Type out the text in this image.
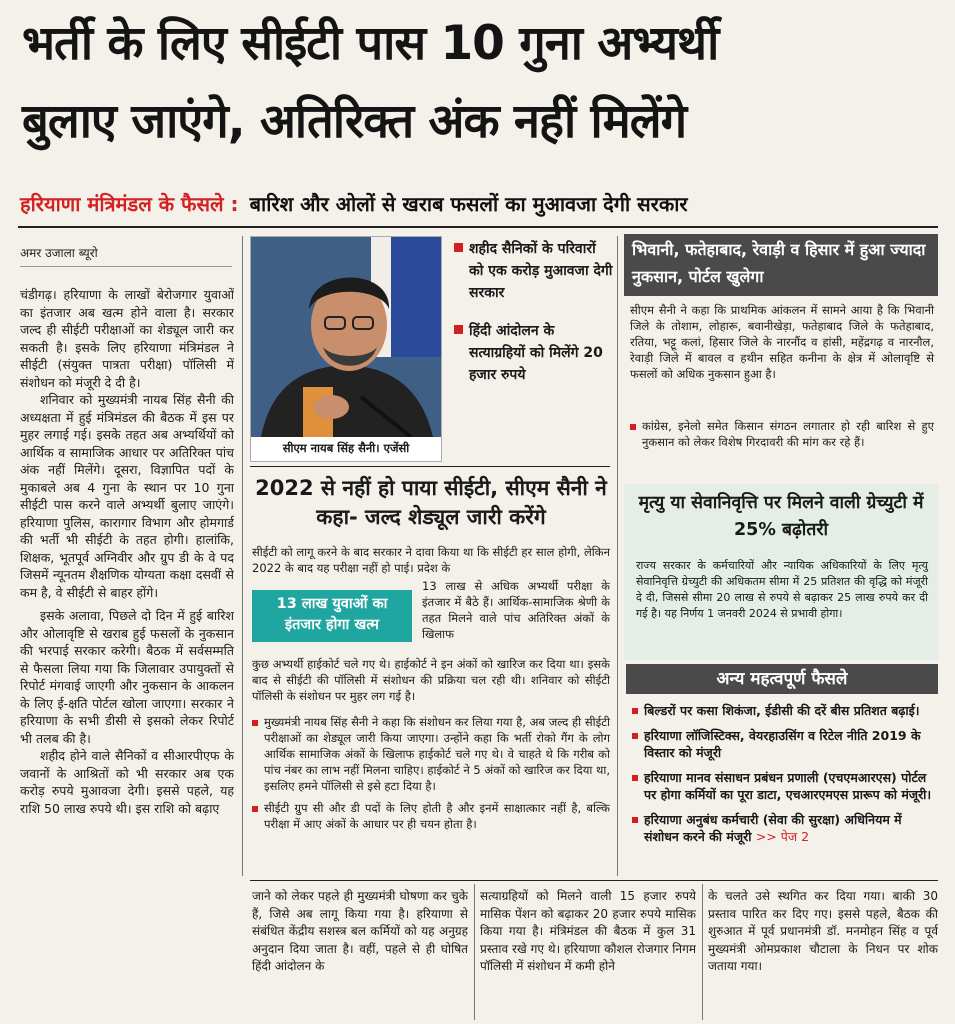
भर्ती के लिए सीईटी पास 10 गुना अभ्यर्थी
बुलाए जाएंगे, अतिरिक्त अंक नहीं मिलेंगे
हरियाणा मंत्रिमंडल के फैसले : बारिश और ओलों से खराब फसलों का मुआवजा देगी सरकार
अमर उजाला ब्यूरो

चंडीगढ़। हरियाणा के लाखों बेरोजगार युवाओं का इंतजार अब खत्म होने वाला है। सरकार जल्द ही सीईटी परीक्षाओं का शेड्यूल जारी कर सकती है। इसके लिए हरियाणा मंत्रिमंडल ने सीईटी (संयुक्त पात्रता परीक्षा) पॉलिसी में संशोधन को मंजूरी दे दी है।

शनिवार को मुख्यमंत्री नायब सिंह सैनी की अध्यक्षता में हुई मंत्रिमंडल की बैठक में इस पर मुहर लगाई गई। इसके तहत अब अभ्यर्थियों को आर्थिक व सामाजिक आधार पर अतिरिक्त पांच अंक नहीं मिलेंगे। दूसरा, विज्ञापित पदों के मुकाबले अब 4 गुना के स्थान पर 10 गुना सीईटी पास करने वाले अभ्यर्थी बुलाए जाएंगे। हरियाणा पुलिस, कारागार विभाग और होमगार्ड की भर्ती भी सीईटी के तहत होगी। हालांकि, शिक्षक, भूतपूर्व अग्निवीर और ग्रुप डी के वे पद जिसमें न्यूनतम शैक्षणिक योग्यता कक्षा दसवीं से कम है, वे सीईटी से बाहर होंगे।

इसके अलावा, पिछले दो दिन में हुई बारिश और ओलावृष्टि से खराब हुई फसलों के नुकसान की भरपाई सरकार करेगी। बैठक में सर्वसम्मति से फैसला लिया गया कि जिलावार उपायुक्तों से रिपोर्ट मंगवाई जाएगी और नुकसान के आकलन के लिए ई-क्षति पोर्टल खोला जाएगा। सरकार ने हरियाणा के सभी डीसी से इसको लेकर रिपोर्ट भी तलब की है।

शहीद होने वाले सैनिकों व सीआरपीएफ के जवानों के आश्रितों को भी सरकार अब एक करोड़ रुपये मुआवजा देगी। इससे पहले, यह राशि 50 लाख रुपये थी। इस राशि को बढ़ाए

सीएम नायब सिंह सैनी। एजेंसी
शहीद सैनिकों के परिवारों को एक करोड़ मुआवजा देगी सरकार
हिंदी आंदोलन के सत्याग्रहियों को मिलेंगे 20 हजार रुपये
2022 से नहीं हो पाया सीईटी, सीएम सैनी ने कहा- जल्द शेड्यूल जारी करेंगे
सीईटी को लागू करने के बाद सरकार ने दावा किया था कि सीईटी हर साल होगी, लेकिन 2022 के बाद यह परीक्षा नहीं हो पाई। प्रदेश के
13 लाख युवाओं का इंतजार होगा खत्म
13 लाख से अधिक अभ्यर्थी परीक्षा के इंतजार में बैठे हैं। आर्थिक-सामाजिक श्रेणी के तहत मिलने वाले पांच अतिरिक्त अंकों के खिलाफ
कुछ अभ्यर्थी हाईकोर्ट चले गए थे। हाईकोर्ट ने इन अंकों को खारिज कर दिया था। इसके बाद से सीईटी की पॉलिसी में संशोधन की प्रक्रिया चल रही थी। शनिवार को सीईटी पॉलिसी के संशोधन पर मुहर लग गई है।
मुख्यमंत्री नायब सिंह सैनी ने कहा कि संशोधन कर लिया गया है, अब जल्द ही सीईटी परीक्षाओं का शेड्यूल जारी किया जाएगा। उन्होंने कहा कि भर्ती रोको गैंग के लोग आर्थिक सामाजिक अंकों के खिलाफ हाईकोर्ट चले गए थे। वे चाहते थे कि गरीब को पांच नंबर का लाभ नहीं मिलना चाहिए। हाईकोर्ट ने 5 अंकों को खारिज कर दिया था, इसलिए हमने पॉलिसी से इसे हटा दिया है।
सीईटी ग्रुप सी और डी पदों के लिए होती है और इनमें साक्षात्कार नहीं है, बल्कि परीक्षा में आए अंकों के आधार पर ही चयन होता है।
भिवानी, फतेहाबाद, रेवाड़ी व हिसार में हुआ ज्यादा नुकसान, पोर्टल खुलेगा
सीएम सैनी ने कहा कि प्राथमिक आंकलन में सामने आया है कि भिवानी जिले के तोशाम, लोहारू, बवानीखेड़ा, फतेहाबाद जिले के फतेहाबाद, रतिया, भट्टू कलां, हिसार जिले के नारनौंद व हांसी, महेंद्रगढ़ व नारनौल, रेवाड़ी जिले में बावल व हथीन सहित कनीना के क्षेत्र में ओलावृष्टि से फसलों को अधिक नुकसान हुआ है।
कांग्रेस, इनेलो समेत किसान संगठन लगातार हो रही बारिश से हुए नुकसान को लेकर विशेष गिरदावरी की मांग कर रहे हैं।
मृत्यु या सेवानिवृत्ति पर मिलने वाली ग्रेच्युटी में 25% बढ़ोतरी
राज्य सरकार के कर्मचारियों और न्यायिक अधिकारियों के लिए मृत्यु सेवानिवृत्ति ग्रेच्युटी की अधिकतम सीमा में 25 प्रतिशत की वृद्धि को मंजूरी दे दी, जिससे सीमा 20 लाख से रुपये से बढ़ाकर 25 लाख रुपये कर दी गई है। यह निर्णय 1 जनवरी 2024 से प्रभावी होगा।
अन्य महत्वपूर्ण फैसले
बिल्डरों पर कसा शिकंजा, ईडीसी की दरें बीस प्रतिशत बढ़ाई।
हरियाणा लॉजिस्टिक्स, वेयरहाउसिंग व रिटेल नीति 2019 के विस्तार को मंजूरी
हरियाणा मानव संसाधन प्रबंधन प्रणाली (एचएमआरएस) पोर्टल पर होगा कर्मियों का पूरा डाटा, एचआरएमएस प्रारूप को मंजूरी।
हरियाणा अनुबंध कर्मचारी (सेवा की सुरक्षा) अधिनियम में संशोधन करने की मंजूरी >> पेज 2
जाने को लेकर पहले ही मुख्यमंत्री घोषणा कर चुके हैं, जिसे अब लागू किया गया है। हरियाणा से संबंधित केंद्रीय सशस्त्र बल कर्मियों को यह अनुग्रह अनुदान दिया जाता है। वहीं, पहले से ही घोषित हिंदी आंदोलन के
सत्याग्रहियों को मिलने वाली 15 हजार रुपये मासिक पेंशन को बढ़ाकर 20 हजार रुपये मासिक किया गया है। मंत्रिमंडल की बैठक में कुल 31 प्रस्ताव रखे गए थे। हरियाणा कौशल रोजगार निगम पॉलिसी में संशोधन में कमी होने
के चलते उसे स्थगित कर दिया गया। बाकी 30 प्रस्ताव पारित कर दिए गए। इससे पहले, बैठक की शुरुआत में पूर्व प्रधानमंत्री डॉ. मनमोहन सिंह व पूर्व मुख्यमंत्री ओमप्रकाश चौटाला के निधन पर शोक जताया गया।
